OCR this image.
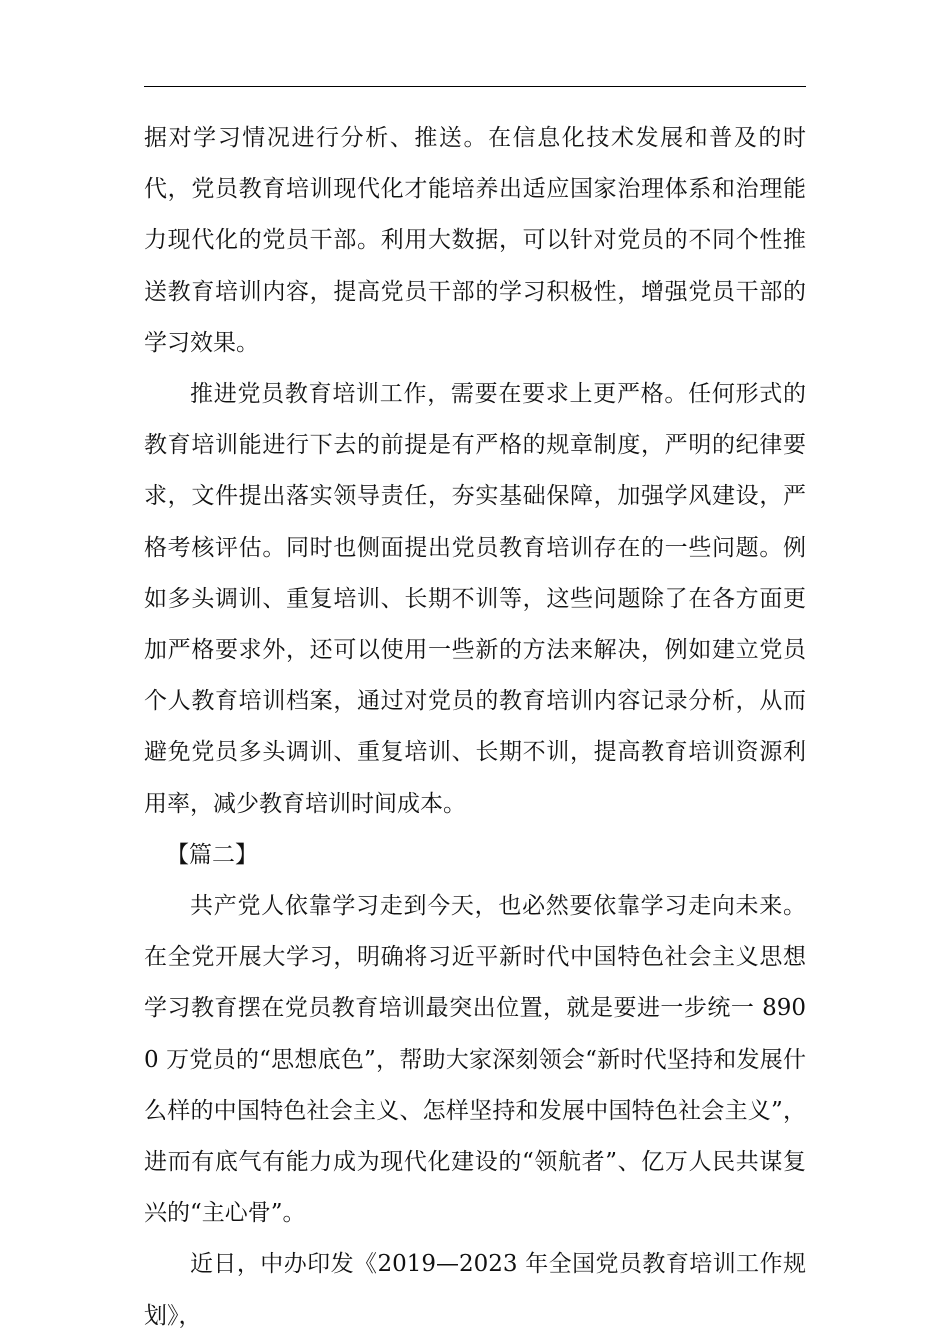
据对学习情况进行分析、推送。在信息化技术发展和普及的时代，党员教育培训现代化才能培养出适应国家治理体系和治理能力现代化的党员干部。利用大数据，可以针对党员的不同个性推送教育培训内容，提高党员干部的学习积极性，增强党员干部的学习效果。

推进党员教育培训工作，需要在要求上更严格。任何形式的教育培训能进行下去的前提是有严格的规章制度，严明的纪律要求，文件提出落实领导责任，夯实基础保障，加强学风建设，严格考核评估。同时也侧面提出党员教育培训存在的一些问题。例如多头调训、重复培训、长期不训等，这些问题除了在各方面更加严格要求外，还可以使用一些新的方法来解决，例如建立党员个人教育培训档案，通过对党员的教育培训内容记录分析，从而避免党员多头调训、重复培训、长期不训，提高教育培训资源利用率，减少教育培训时间成本。

【篇二】

共产党人依靠学习走到今天，也必然要依靠学习走向未来。在全党开展大学习，明确将习近平新时代中国特色社会主义思想学习教育摆在党员教育培训最突出位置，就是要进一步统一 8900 万党员的“思想底色”，帮助大家深刻领会“新时代坚持和发展什么样的中国特色社会主义、怎样坚持和发展中国特色社会主义”，进而有底气有能力成为现代化建设的“领航者”、亿万人民共谋复兴的“主心骨”。

近日，中办印发《2019—2023 年全国党员教育培训工作规划》，
